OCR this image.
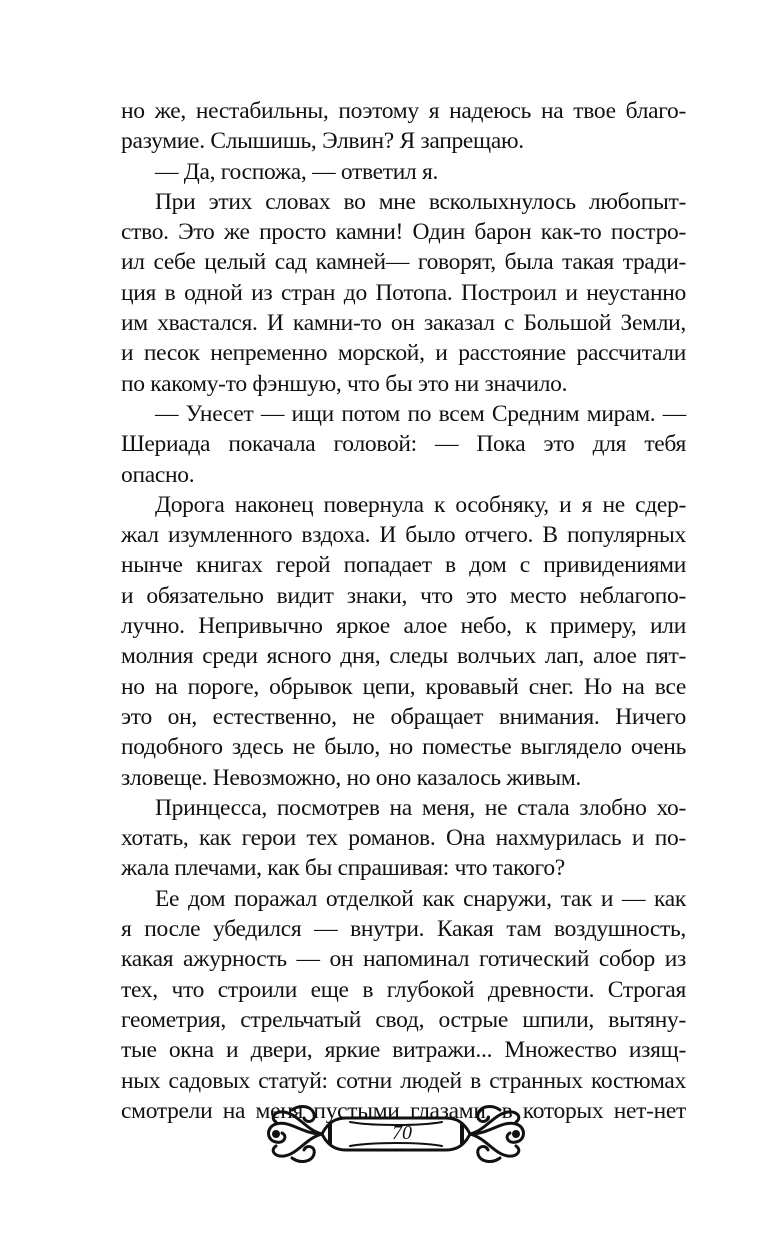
но же, нестабильны, поэтому я надеюсь на твое благо-
разумие. Слышишь, Элвин? Я запрещаю.
— Да, госпожа, — ответил я.
При этих словах во мне всколыхнулось любопыт-
ство. Это же просто камни! Один барон как-то постро-
ил себе целый сад камней— говорят, была такая тради-
ция в одной из стран до Потопа. Построил и неустанно
им хвастался. И камни-то он заказал с Большой Земли,
и песок непременно морской, и расстояние рассчитали
по какому-то фэншую, что бы это ни значило.
— Унесет — ищи потом по всем Средним мирам. —
Шериада покачала головой: — Пока это для тебя
опасно.
Дорога наконец повернула к особняку, и я не сдер-
жал изумленного вздоха. И было отчего. В популярных
нынче книгах герой попадает в дом с привидениями
и обязательно видит знаки, что это место неблагопо-
лучно. Непривычно яркое алое небо, к примеру, или
молния среди ясного дня, следы волчьих лап, алое пят-
но на пороге, обрывок цепи, кровавый снег. Но на все
это он, естественно, не обращает внимания. Ничего
подобного здесь не было, но поместье выглядело очень
зловеще. Невозможно, но оно казалось живым.
Принцесса, посмотрев на меня, не стала злобно хо-
хотать, как герои тех романов. Она нахмурилась и по-
жала плечами, как бы спрашивая: что такого?
Ее дом поражал отделкой как снаружи, так и — как
я после убедился — внутри. Какая там воздушность,
какая ажурность — он напоминал готический собор из
тех, что строили еще в глубокой древности. Строгая
геометрия, стрельчатый свод, острые шпили, вытяну-
тые окна и двери, яркие витражи... Множество изящ-
ных садовых статуй: сотни людей в странных костюмах
смотрели на меня пустыми глазами, в которых нет-нет
70
